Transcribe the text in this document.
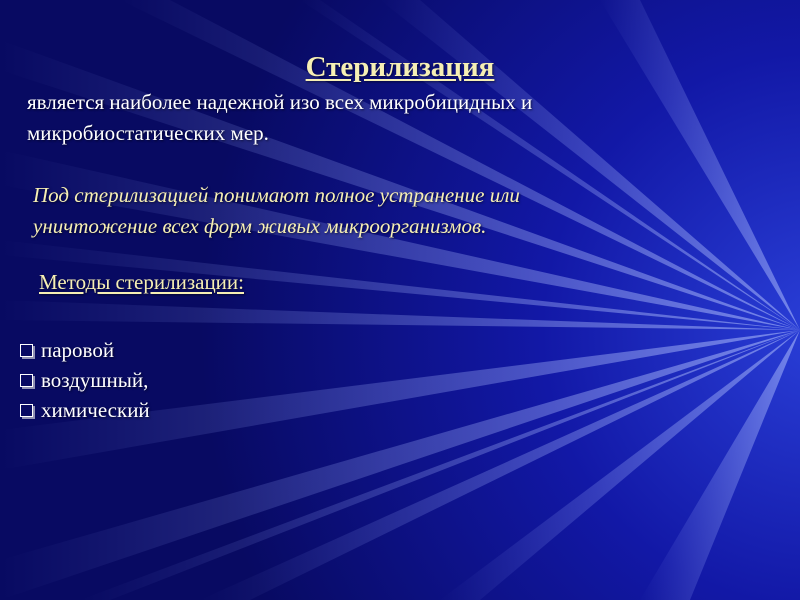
Стерилизация
является наиболее надежной изо всех микробицидных и
микробиостатических мер.
Под стерилизацией понимают полное устранение или
уничтожение всех форм живых микроорганизмов.
Методы стерилизации:
паровой
воздушный,
химический
